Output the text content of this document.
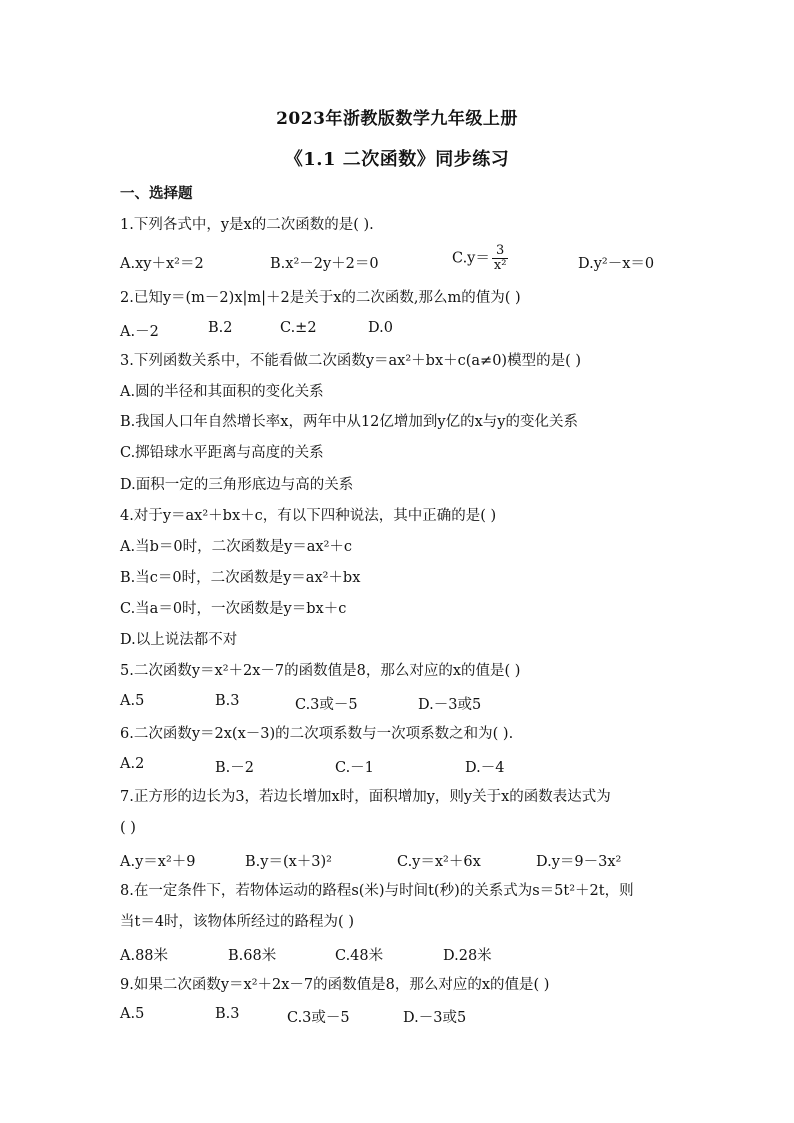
2023年浙教版数学九年级上册
《1.1 二次函数》同步练习
一、选择题
1.下列各式中，y是x的二次函数的是( ).
A.xy＋x²＝2	B.x²－2y＋2＝0	$C.y= \frac{3}{\text{x²}}$	D.y²－x＝0
2.已知y＝(m－2)x|m|＋2是关于x的二次函数,那么m的值为( )
A.－2	B.2	C.±2	D.0
3.下列函数关系中，不能看做二次函数y＝ax²＋bx＋c(a≠0)模型的是( )
A.圆的半径和其面积的变化关系
B.我国人口年自然增长率x，两年中从12亿增加到y亿的x与y的变化关系
C.掷铅球水平距离与高度的关系
D.面积一定的三角形底边与高的关系
4.对于y＝ax²＋bx＋c，有以下四种说法，其中正确的是( )
A.当b＝0时，二次函数是y＝ax²＋c
B.当c＝0时，二次函数是y＝ax²＋bx
C.当a＝0时，一次函数是y＝bx＋c
D.以上说法都不对
5.二次函数y＝x²＋2x－7的函数值是8，那么对应的x的值是( )
A.5	B.3	C.3或－5	D.－3或5
6.二次函数y＝2x(x－3)的二次项系数与一次项系数之和为( ).
A.2	B.－2	C.－1	D.－4
7.正方形的边长为3，若边长增加x时，面积增加y，则y关于x的函数表达式为
( )
A.y＝x²＋9	B.y＝(x＋3)²	C.y＝x²＋6x	D.y＝9－3x²
8.在一定条件下，若物体运动的路程s(米)与时间t(秒)的关系式为s＝5t²＋2t，则
当t＝4时，该物体所经过的路程为( )
A.88米	B.68米	C.48米	D.28米
9.如果二次函数y＝x²＋2x－7的函数值是8，那么对应的x的值是( )
A.5	B.3	C.3或－5	D.－3或5
